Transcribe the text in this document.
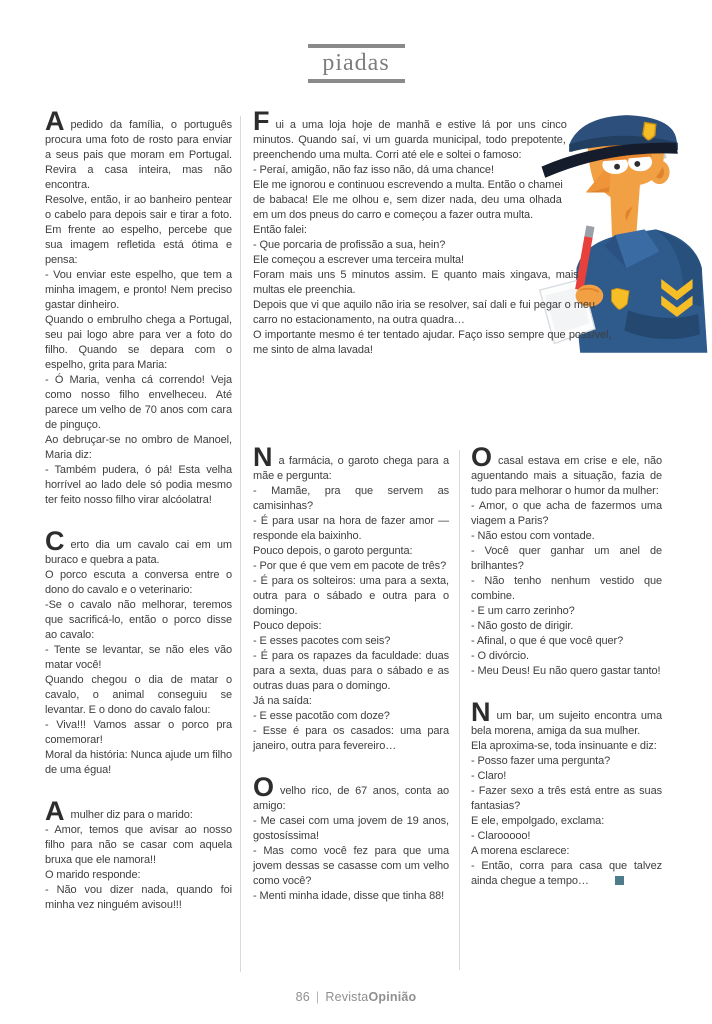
piadas

Apedido da família, o português procura uma foto de rosto para enviar a seus pais que moram em Portugal. Revira a casa inteira, mas não encontra.

Resolve, então, ir ao banheiro pentear o cabelo para depois sair e tirar a foto. Em frente ao espelho, percebe que sua imagem refletida está ótima e pensa:

- Vou enviar este espelho, que tem a minha imagem, e pronto! Nem preciso gastar dinheiro.

Quando o embrulho chega a Portugal, seu pai logo abre para ver a foto do filho. Quando se depara com o espelho, grita para Maria:

- Ó Maria, venha cá correndo! Veja como nosso filho envelheceu. Até parece um velho de 70 anos com cara de pinguço.

Ao debruçar-se no ombro de Manoel, Maria diz:

- Também pudera, ó pá! Esta velha horrível ao lado dele só podia mesmo ter feito nosso filho virar alcóolatra!

Certo dia um cavalo cai em um buraco e quebra a pata.

O porco escuta a conversa entre o dono do cavalo e o veterinario:

-Se o cavalo não melhorar, teremos que sacrificá-lo, então o porco disse ao cavalo:

- Tente se levantar, se não eles vão matar você!

Quando chegou o dia de matar o cavalo, o animal conseguiu se levantar. E o dono do cavalo falou:

- Viva!!! Vamos assar o porco pra comemorar!

Moral da história: Nunca ajude um filho de uma égua!

Amulher diz para o marido:

- Amor, temos que avisar ao nosso filho para não se casar com aquela bruxa que ele namora!!

O marido responde:

- Não vou dizer nada, quando foi minha vez ninguém avisou!!!

Fui a uma loja hoje de manhã e estive lá por uns cinco minutos. Quando saí, vi um guarda municipal, todo prepotente, preenchendo uma multa. Corri até ele e soltei o famoso:

- Peraí, amigão, não faz isso não, dá uma chance!

Ele me ignorou e continuou escrevendo a multa. Então o chamei de babaca! Ele me olhou e, sem dizer nada, deu uma olhada em um dos pneus do carro e começou a fazer outra multa.

Então falei:

- Que porcaria de profissão a sua, hein?

Ele começou a escrever uma terceira multa!

Foram mais uns 5 minutos assim. E quanto mais xingava, mais multas ele preenchia.

Depois que vi que aquilo não iria se resolver, saí dali e fui pegar o meu carro no estacionamento, na outra quadra…

O importante mesmo é ter tentado ajudar. Faço isso sempre que possível, me sinto de alma lavada!

Na farmácia, o garoto chega para a mãe e pergunta:

- Mamãe, pra que servem as camisinhas?

- É para usar na hora de fazer amor — responde ela baixinho.

Pouco depois, o garoto pergunta:

- Por que é que vem em pacote de três?

- É para os solteiros: uma para a sexta, outra para o sábado e outra para o domingo.

Pouco depois:

- E esses pacotes com seis?

- É para os rapazes da faculdade: duas para a sexta, duas para o sábado e as outras duas para o domingo.

Já na saída:

- E esse pacotão com doze?

- Esse é para os casados: uma para janeiro, outra para fevereiro…

Ovelho rico, de 67 anos, conta ao amigo:

- Me casei com uma jovem de 19 anos, gostosíssima!

- Mas como você fez para que uma jovem dessas se casasse com um velho como você?

- Menti minha idade, disse que tinha 88!

Ocasal estava em crise e ele, não aguentando mais a situação, fazia de tudo para melhorar o humor da mulher:

- Amor, o que acha de fazermos uma viagem a Paris?

- Não estou com vontade.

- Você quer ganhar um anel de brilhantes?

- Não tenho nenhum vestido que combine.

- E um carro zerinho?

- Não gosto de dirigir.

- Afinal, o que é que você quer?

- O divórcio.

- Meu Deus! Eu não quero gastar tanto!

Num bar, um sujeito encontra uma bela morena, amiga da sua mulher.

Ela aproxima-se, toda insinuante e diz:

- Posso fazer uma pergunta?

- Claro!

- Fazer sexo a três está entre as suas fantasias?

E ele, empolgado, exclama:

- Clarooooo!

A morena esclarece:

- Então, corra para casa que talvez ainda chegue a tempo…

86 | RevistaOpinião
